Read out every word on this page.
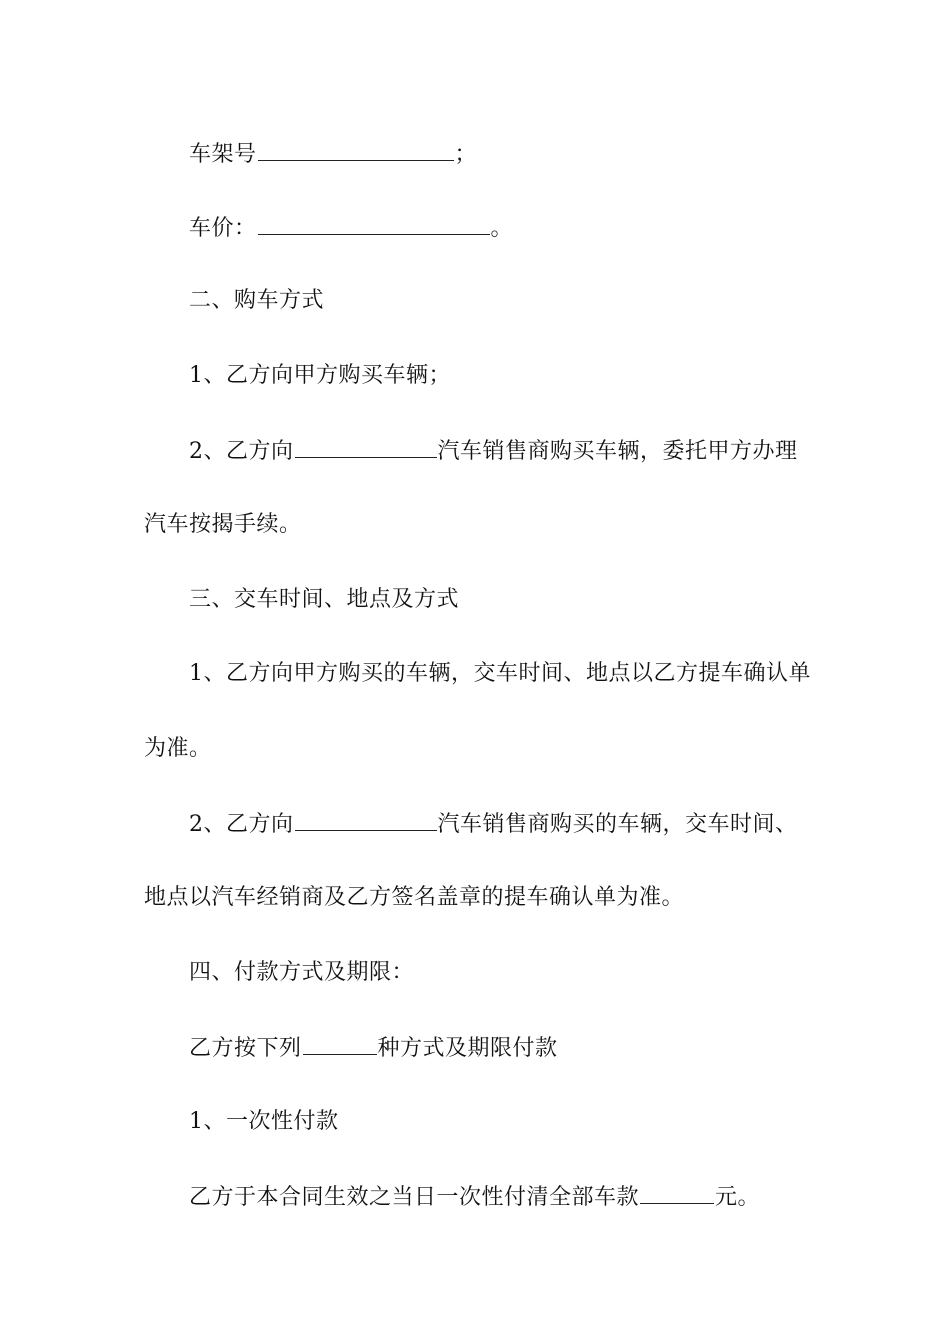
车架号	；
车价：	。
二、购车方式
1、乙方向甲方购买车辆；
2、乙方向	汽车销售商购买车辆，委托甲方办理
汽车按揭手续。
三、交车时间、地点及方式
1、乙方向甲方购买的车辆，交车时间、地点以乙方提车确认单
为准。
2、乙方向	汽车销售商购买的车辆，交车时间、
地点以汽车经销商及乙方签名盖章的提车确认单为准。
四、付款方式及期限：
乙方按下列	种方式及期限付款
1、一次性付款
乙方于本合同生效之当日一次性付清全部车款	元。
